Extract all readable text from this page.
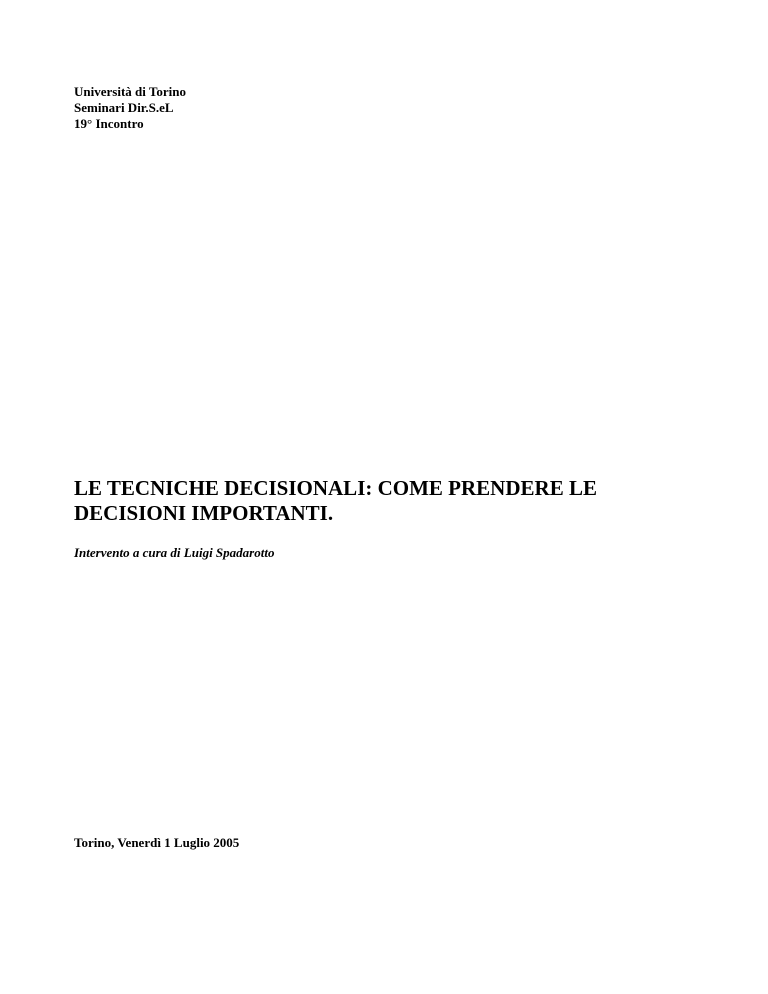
Università di Torino
Seminari Dir.S.eL
19° Incontro
LE TECNICHE DECISIONALI: COME PRENDERE LE
DECISIONI IMPORTANTI.
Intervento a cura di Luigi Spadarotto
Torino, Venerdì 1 Luglio 2005
